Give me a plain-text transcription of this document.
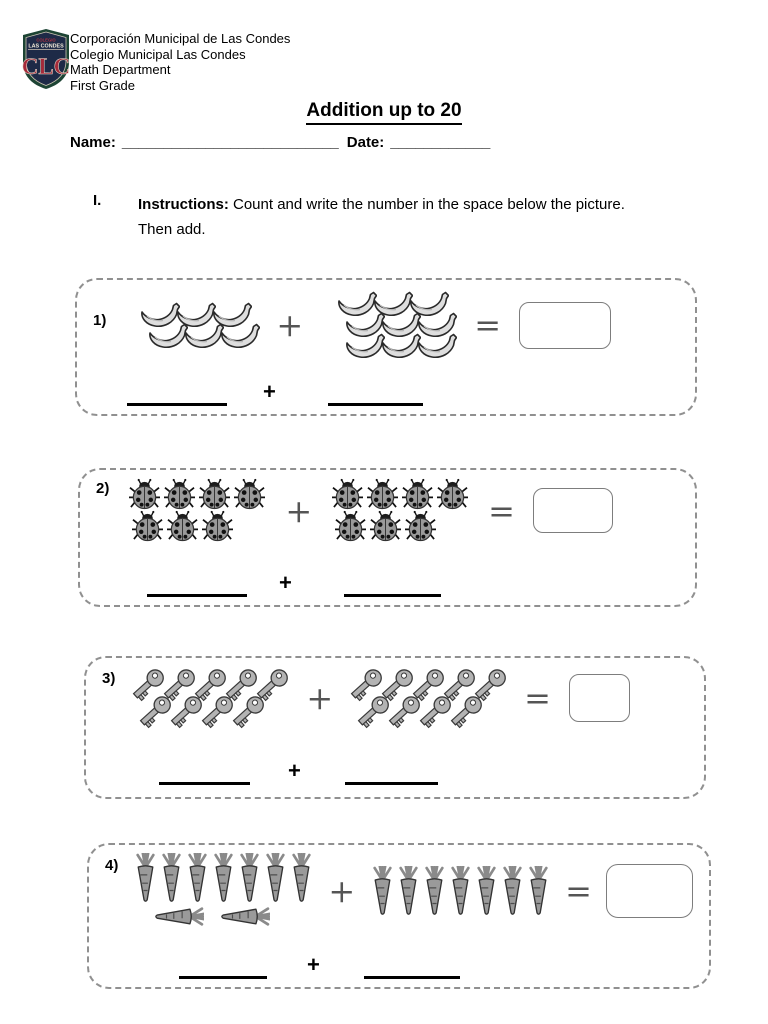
COLEGIO
LAS CONDES
CLC
Corporación Municipal de Las Condes
Colegio Municipal Las Condes
Math Department
First Grade
Addition up to 20
Name: __________________________ Date: ____________
I.	Instructions: Count and write the number in the space below the picture. Then add.

1)	+	=
+
2)
+	=
+
3)	+	=
+
4)
+	=
+
